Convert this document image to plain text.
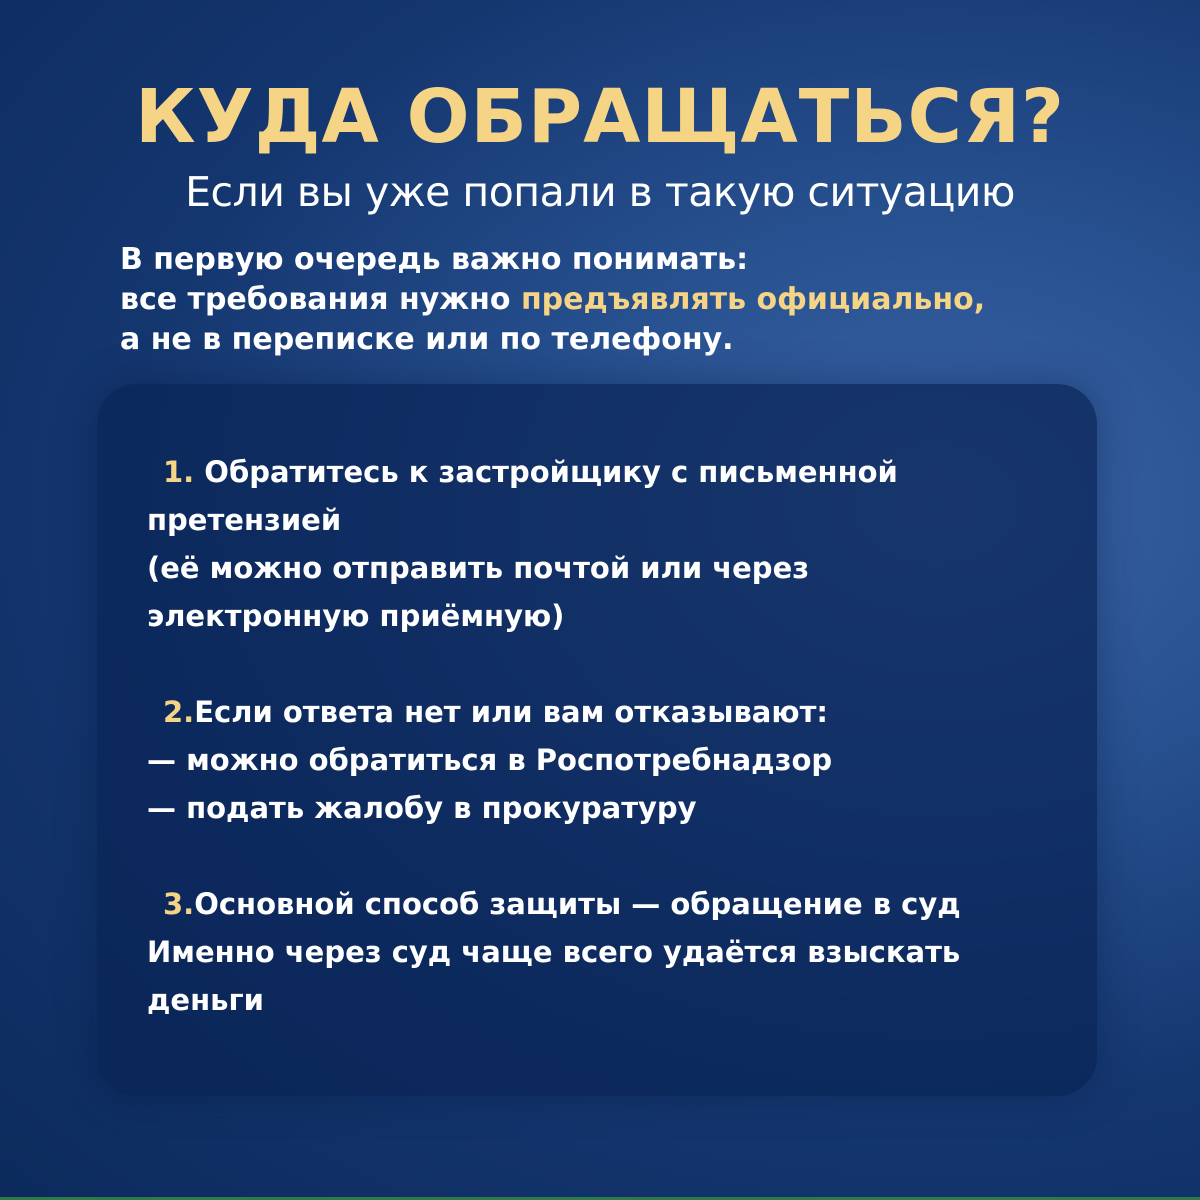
КУДА ОБРАЩАТЬСЯ?
Если вы уже попали в такую ситуацию
В первую очередь важно понимать:
все требования нужно предъявлять официально,
а не в переписке или по телефону.
1. Обратитесь к застройщику с письменной
претензией
(её можно отправить почтой или через
электронную приёмную)
2.Если ответа нет или вам отказывают:
— можно обратиться в Роспотребнадзор
— подать жалобу в прокуратуру
3.Основной способ защиты — обращение в суд
Именно через суд чаще всего удаётся взыскать
деньги
